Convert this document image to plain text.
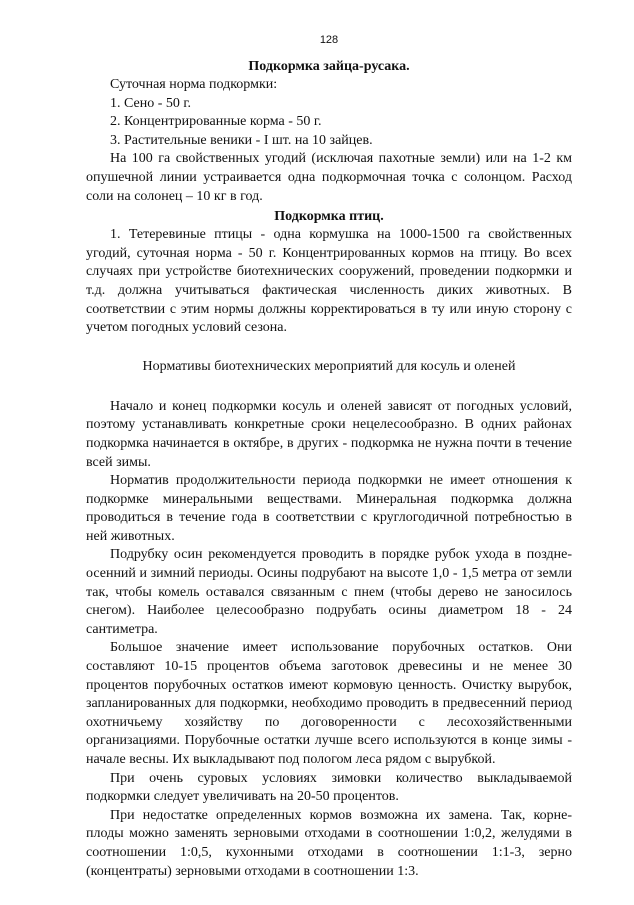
128

Подкормка зайца-русака.

Суточная норма подкормки:

1. Сено - 50 г.

2. Концентрированные корма - 50 г.

3. Растительные веники - I шт. на 10 зайцев.

На 100 га свойственных угодий (исключая пахотные земли) или на 1-2 км опушечной линии устраивается одна подкормочная точка с солонцом. Расход соли на солонец – 10 кг в год.

Подкормка птиц.

1. Тетеревиные птицы - одна кормушка на 1000-1500 га свойственных угодий, суточная норма - 50 г. Концентрированных кормов на птицу. Во всех случаях при устройстве биотехнических сооружений, проведении подкормки и т.д. должна учитываться фактическая численность диких животных. В соответствии с этим нормы должны корректироваться в ту или иную сторону с учетом погодных условий сезона.

Нормативы биотехнических мероприятий для косуль и оленей

Начало и конец подкормки косуль и оленей зависят от погодных условий, поэтому устанавливать конкретные сроки нецелесообразно. В одних районах подкормка начинается в октябре, в других - подкормка не нужна почти в течение всей зимы.

Норматив продолжительности периода подкормки не имеет отношения к подкормке минеральными веществами. Минеральная подкормка должна проводиться в течение года в соответствии с круглогодичной потребностью в ней животных.

Подрубку осин рекомендуется проводить в порядке рубок ухода в поздне-осенний и зимний периоды. Осины подрубают на высоте 1,0 - 1,5 метра от земли так, чтобы комель оставался связанным с пнем (чтобы дерево не заносилось снегом). Наиболее целесообразно подрубать осины диаметром 18 - 24 сантиметра.

Большое значение имеет использование порубочных остатков. Они составляют 10-15 процентов объема заготовок древесины и не менее 30 процентов порубочных остатков имеют кормовую ценность. Очистку вырубок, запланированных для подкормки, необходимо проводить в предвесенний период охотничьему хозяйству по договоренности с лесохозяйственными организациями. Порубочные остатки лучше всего используются в конце зимы - начале весны. Их выкладывают под пологом леса рядом с вырубкой.

При очень суровых условиях зимовки количество выкладываемой подкормки следует увеличивать на 20-50 процентов.

При недостатке определенных кормов возможна их замена. Так, корне-плоды можно заменять зерновыми отходами в соотношении 1:0,2, желудями в соотношении 1:0,5, кухонными отходами в соотношении 1:1-3, зерно (концентраты) зерновыми отходами в соотношении 1:3.
